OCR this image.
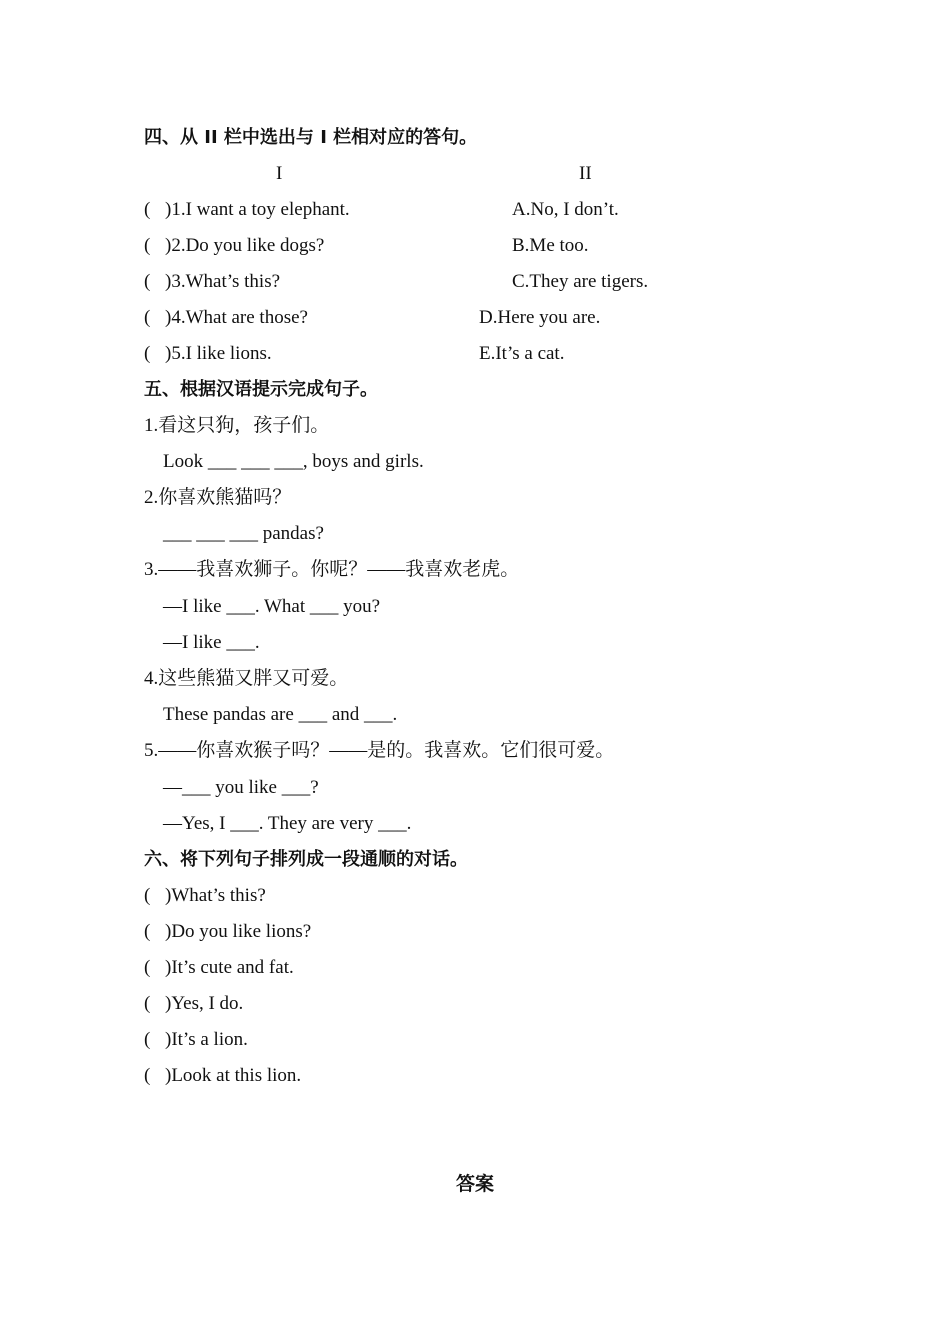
四、从 II 栏中选出与 I 栏相对应的答句。
I	II
( )1.I want a toy elephant.	A.No, I don’t.
( )2.Do you like dogs?	B.Me too.
( )3.What’s this?	C.They are tigers.
( )4.What are those?	D.Here you are.
( )5.I like lions.	E.It’s a cat.
五、根据汉语提示完成句子。
1.看这只狗，孩子们。
Look ___ ___ ___, boys and girls.
2.你喜欢熊猫吗？
___ ___ ___ pandas?
3.——我喜欢狮子。你呢？——我喜欢老虎。
—I like ___. What ___ you?
—I like ___.
4.这些熊猫又胖又可爱。
These pandas are ___ and ___.
5.——你喜欢猴子吗？——是的。我喜欢。它们很可爱。
—___ you like ___?
—Yes, I ___. They are very ___.
六、将下列句子排列成一段通顺的对话。
( )What’s this?
( )Do you like lions?
( )It’s cute and fat.
( )Yes, I do.
( )It’s a lion.
( )Look at this lion.
答案
